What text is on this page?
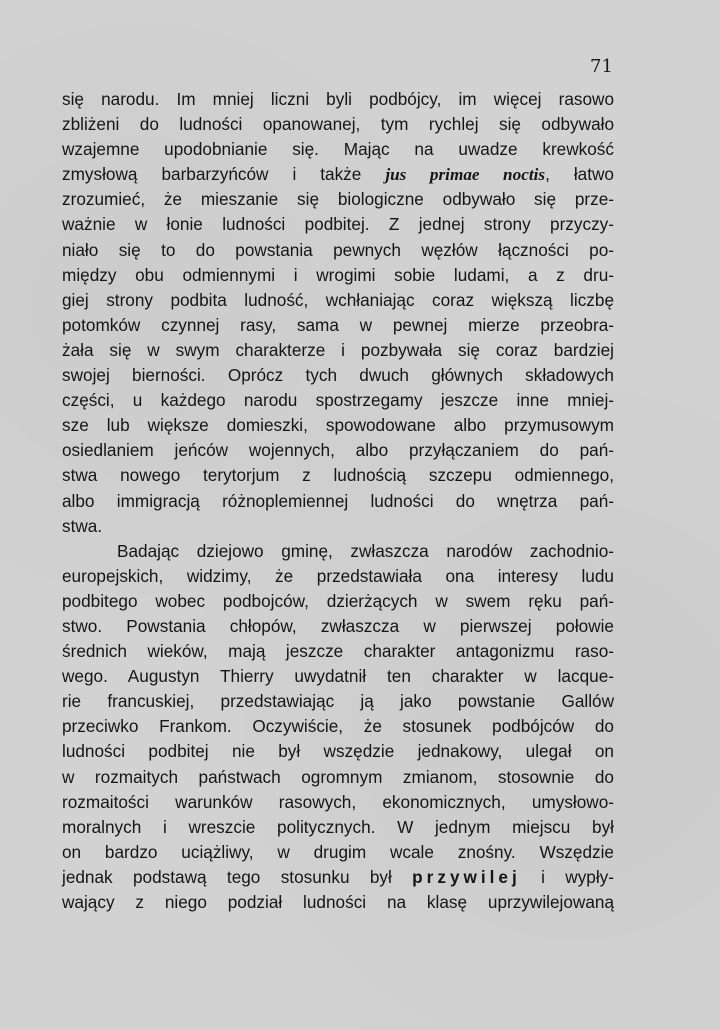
71
się narodu. Im mniej liczni byli podbójcy, im więcej rasowo
zbliżeni do ludności opanowanej, tym rychlej się odbywało
wzajemne upodobnianie się. Mając na uwadze krewkość
zmysłową barbarzyńców i także jus primae noctis, łatwo
zrozumieć, że mieszanie się biologiczne odbywało się prze-
ważnie w łonie ludności podbitej. Z jednej strony przyczy-
niało się to do powstania pewnych węzłów łączności po-
między obu odmiennymi i wrogimi sobie ludami, a z dru-
giej strony podbita ludność, wchłaniając coraz większą liczbę
potomków czynnej rasy, sama w pewnej mierze przeobra-
żała się w swym charakterze i pozbywała się coraz bardziej
swojej bierności. Oprócz tych dwuch głównych składowych
części, u każdego narodu spostrzegamy jeszcze inne mniej-
sze lub większe domieszki, spowodowane albo przymusowym
osiedlaniem jeńców wojennych, albo przyłączaniem do pań-
stwa nowego terytorjum z ludnością szczepu odmiennego,
albo immigracją różnoplemiennej ludności do wnętrza pań-
stwa.
Badając dziejowo gminę, zwłaszcza narodów zachodnio-
europejskich, widzimy, że przedstawiała ona interesy ludu
podbitego wobec podbojców, dzierżących w swem ręku pań-
stwo. Powstania chłopów, zwłaszcza w pierwszej połowie
średnich wieków, mają jeszcze charakter antagonizmu raso-
wego. Augustyn Thierry uwydatnił ten charakter w lacque-
rie francuskiej, przedstawiając ją jako powstanie Gallów
przeciwko Frankom. Oczywiście, że stosunek podbójców do
ludności podbitej nie był wszędzie jednakowy, ulegał on
w rozmaitych państwach ogromnym zmianom, stosownie do
rozmaitości warunków rasowych, ekonomicznych, umysłowo-
moralnych i wreszcie politycznych. W jednym miejscu był
on bardzo uciążliwy, w drugim wcale znośny. Wszędzie
jednak podstawą tego stosunku był przywilej i wypły-
wający z niego podział ludności na klasę uprzywilejowaną
